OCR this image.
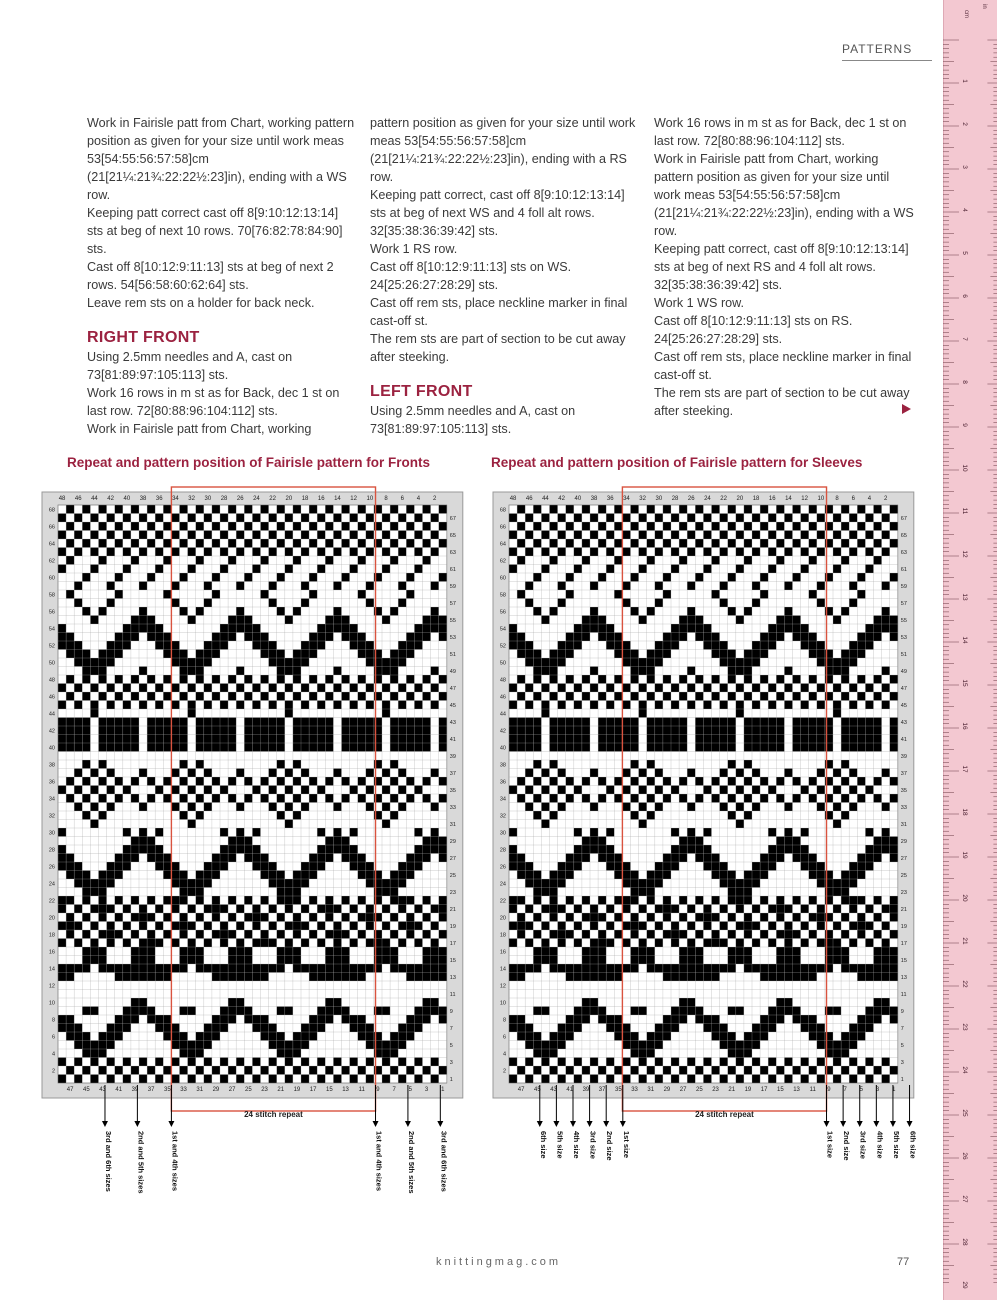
PATTERNS

Work in Fairisle patt from Chart, working pattern position as given for your size until work meas 53[54:55:56:57:58]cm (21[21¼:21¾:22:22½:23]in), ending with a WS row.

Keeping patt correct cast off 8[9:10:12:13:14] sts at beg of next 10 rows. 70[76:82:78:84:90] sts.

Cast off 8[10:12:9:11:13] sts at beg of next 2 rows. 54[56:58:60:62:64] sts.

Leave rem sts on a holder for back neck.

RIGHT FRONT

Using 2.5mm needles and A, cast on 73[81:89:97:105:113] sts.

Work 16 rows in m st as for Back, dec 1 st on last row. 72[80:88:96:104:112] sts.

Work in Fairisle patt from Chart, working

pattern position as given for your size until work meas 53[54:55:56:57:58]cm (21[21¼:21¾:22:22½:23]in), ending with a RS row.

Keeping patt correct, cast off 8[9:10:12:13:14] sts at beg of next WS and 4 foll alt rows. 32[35:38:36:39:42] sts.

Work 1 RS row.

Cast off 8[10:12:9:11:13] sts on WS. 24[25:26:27:28:29] sts.

Cast off rem sts, place neckline marker in final cast-off st.

The rem sts are part of section to be cut away after steeking.

LEFT FRONT

Using 2.5mm needles and A, cast on 73[81:89:97:105:113] sts.

Work 16 rows in m st as for Back, dec 1 st on last row. 72[80:88:96:104:112] sts.

Work in Fairisle patt from Chart, working pattern position as given for your size until work meas 53[54:55:56:57:58]cm (21[21¼:21¾:22:22½:23]in), ending with a WS row.

Keeping patt correct, cast off 8[9:10:12:13:14] sts at beg of next RS and 4 foll alt rows. 32[35:38:36:39:42] sts.

Work 1 WS row.

Cast off 8[10:12:9:11:13] sts on RS. 24[25:26:27:28:29] sts.

Cast off rem sts, place neckline marker in final cast-off st.

The rem sts are part of section to be cut away after steeking.

Repeat and pattern position of Fairisle pattern for Fronts	Repeat and pattern position of Fairisle pattern for Sleeves
48 46 44 42 40 38 36 34 32 30 28 26 24 22 20 18 16 14 12 10 8 6 4 2
47 45 43 41 39 37 35 33 31 29 27 25 23 21 19 17 15 13 11 9 7 5 3 1
68
66
64
62
60
58
56
54
52
50
48
46
44
42
40
38
36
34
32
30
28
26
24
22
20
18
16
14
12
10
8
6
4
2
67
65
63
61
59
57
55
53
51
49
47
45
43
41
39
37
35
33
31
29
27
25
23
21
19
17
15
13
11
9
7
5
3
1
24 stitch repeat
3rd and 6th sizes	2nd and 5th sizes	1st and 4th sizes	1st and 4th sizes	2nd and 5th sizes	3rd and 6th sizes
48 46 44 42 40 38 36 34 32 30 28 26 24 22 20 18 16 14 12 10 8 6 4 2
47 45 43 41 39 37 35 33 31 29 27 25 23 21 19 17 15 13 11 9 7 5 3 1
68
66
64
62
60
58
56
54
52
50
48
46
44
42
40
38
36
34
32
30
28
26
24
22
20
18
16
14
12
10
8
6
4
2
67
65
63
61
59
57
55
53
51
49
47
45
43
41
39
37
35
33
31
29
27
25
23
21
19
17
15
13
11
9
7
5
3
1
24 stitch repeat
6th size 5th size 4th size 3rd size 2nd size 1st size	1st size 2nd size 3rd size 4th size 5th size 6th size
cm
in
1
2
3
4
5
6
7
8
9
10
11
12
13
14
15
16
17
18
19
20
21
22
23
24
25
26
27
28
29
knittingmag.com	77
